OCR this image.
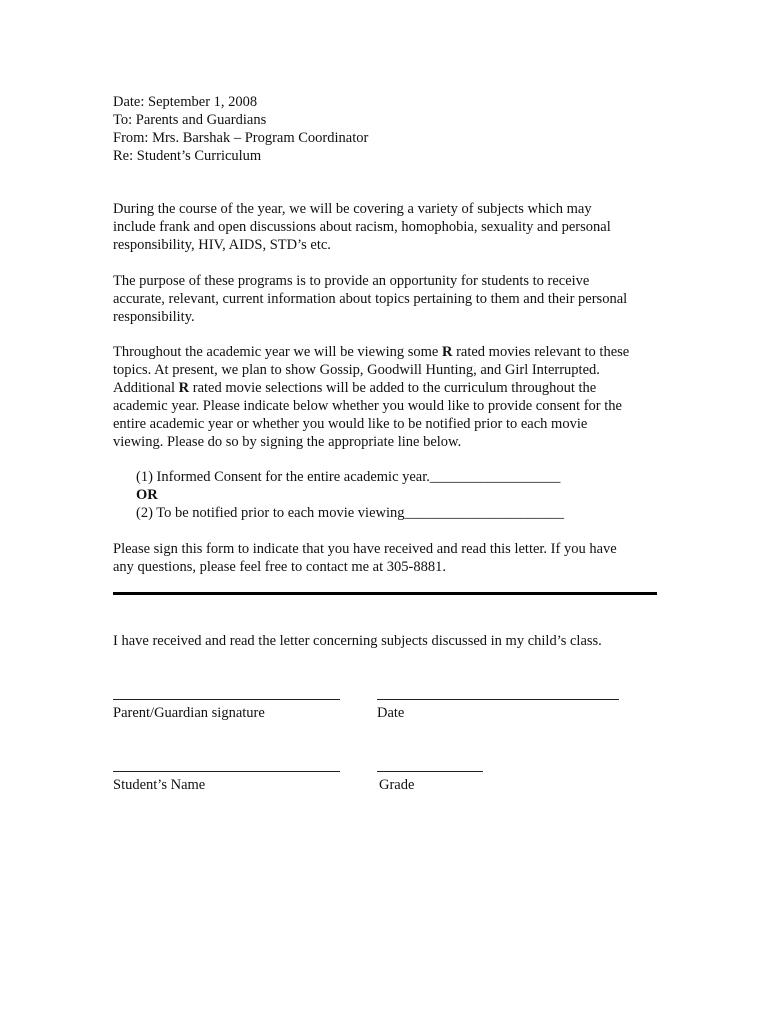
Date: September 1, 2008
To: Parents and Guardians
From: Mrs. Barshak – Program Coordinator
Re: Student’s Curriculum
During the course of the year, we will be covering a variety of subjects which may
include frank and open discussions about racism, homophobia, sexuality and personal
responsibility, HIV, AIDS, STD’s etc.
The purpose of these programs is to provide an opportunity for students to receive
accurate, relevant, current information about topics pertaining to them and their personal
responsibility.
Throughout the academic year we will be viewing some R rated movies relevant to these
topics. At present, we plan to show Gossip, Goodwill Hunting, and Girl Interrupted.
Additional R rated movie selections will be added to the curriculum throughout the
academic year. Please indicate below whether you would like to provide consent for the
entire academic year or whether you would like to be notified prior to each movie
viewing. Please do so by signing the appropriate line below.
(1) Informed Consent for the entire academic year.__________________
OR
(2) To be notified prior to each movie viewing______________________
Please sign this form to indicate that you have received and read this letter. If you have
any questions, please feel free to contact me at 305-8881.
I have received and read the letter concerning subjects discussed in my child’s class.
Parent/Guardian signature	Date
Student’s Name	Grade
